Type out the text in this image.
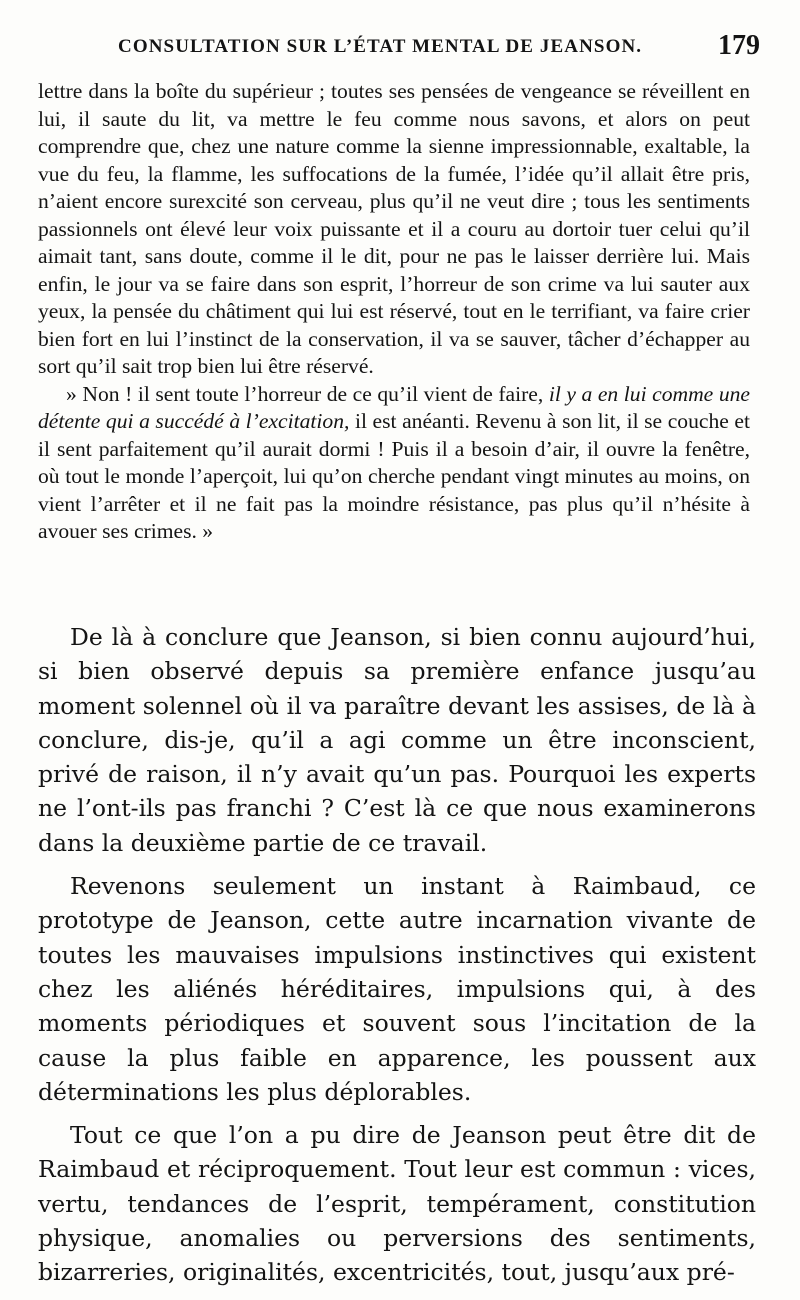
CONSULTATION SUR L’ÉTAT MENTAL DE JEANSON.	179

lettre dans la boîte du supérieur ; toutes ses pensées de vengeance se réveillent en lui, il saute du lit, va mettre le feu comme nous savons, et alors on peut comprendre que, chez une nature comme la sienne impressionnable, exaltable, la vue du feu, la flamme, les suffocations de la fumée, l’idée qu’il allait être pris, n’aient encore surexcité son cerveau, plus qu’il ne veut dire ; tous les sentiments passionnels ont élevé leur voix puissante et il a couru au dortoir tuer celui qu’il aimait tant, sans doute, comme il le dit, pour ne pas le laisser derrière lui. Mais enfin, le jour va se faire dans son esprit, l’horreur de son crime va lui sauter aux yeux, la pensée du châtiment qui lui est réservé, tout en le terrifiant, va faire crier bien fort en lui l’instinct de la conservation, il va se sauver, tâcher d’échapper au sort qu’il sait trop bien lui être réservé.

» Non ! il sent toute l’horreur de ce qu’il vient de faire, il y a en lui comme une détente qui a succédé à l’excitation, il est anéanti. Revenu à son lit, il se couche et il sent parfaitement qu’il aurait dormi ! Puis il a besoin d’air, il ouvre la fenêtre, où tout le monde l’aperçoit, lui qu’on cherche pendant vingt minutes au moins, on vient l’arrêter et il ne fait pas la moindre résistance, pas plus qu’il n’hésite à avouer ses crimes. »

De là à conclure que Jeanson, si bien connu aujourd’hui, si bien observé depuis sa première enfance jusqu’au moment solennel où il va paraître devant les assises, de là à conclure, dis-je, qu’il a agi comme un être inconscient, privé de raison, il n’y avait qu’un pas. Pourquoi les experts ne l’ont-ils pas franchi ? C’est là ce que nous examinerons dans la deuxième partie de ce travail.

Revenons seulement un instant à Raimbaud, ce prototype de Jeanson, cette autre incarnation vivante de toutes les mauvaises impulsions instinctives qui existent chez les aliénés héréditaires, impulsions qui, à des moments périodiques et souvent sous l’incitation de la cause la plus faible en apparence, les poussent aux déterminations les plus déplorables.

Tout ce que l’on a pu dire de Jeanson peut être dit de Raimbaud et réciproquement. Tout leur est commun : vices, vertu, tendances de l’esprit, tempérament, constitution physique, anomalies ou perversions des sentiments, bizarreries, originalités, excentricités, tout, jusqu’aux pré-
